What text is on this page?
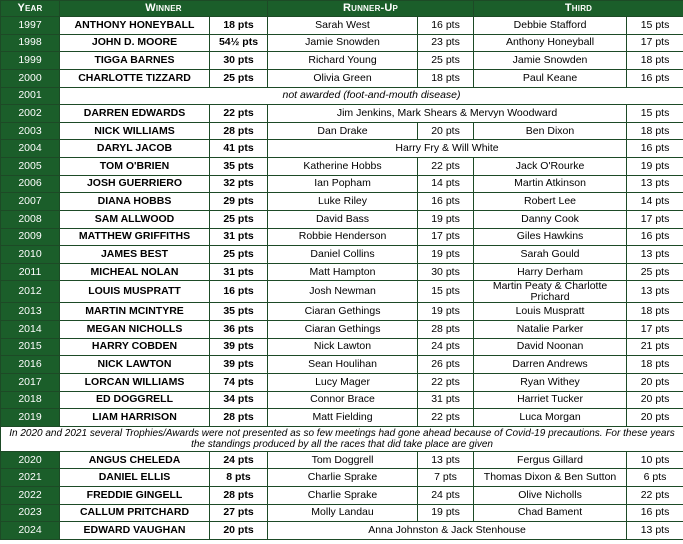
Year	Winner		Runner-Up		Third	
1997	ANTHONY HONEYBALL	18 pts	Sarah West	16 pts	Debbie Stafford	15 pts
1998	JOHN D. MOORE	54½ pts	Jamie Snowden	23 pts	Anthony Honeyball	17 pts
1999	TIGGA BARNES	30 pts	Richard Young	25 pts	Jamie Snowden	18 pts
2000	CHARLOTTE TIZZARD	25 pts	Olivia Green	18 pts	Paul Keane	16 pts
2001	not awarded (foot-and-mouth disease)					
2002	DARREN EDWARDS	22 pts	Jim Jenkins, Mark Shears & Mervyn Woodward			15 pts
2003	NICK WILLIAMS	28 pts	Dan Drake	20 pts	Ben Dixon	18 pts
2004	DARYL JACOB	41 pts	Harry Fry & Will White			16 pts
2005	TOM O'BRIEN	35 pts	Katherine Hobbs	22 pts	Jack O'Rourke	19 pts
2006	JOSH GUERRIERO	32 pts	Ian Popham	14 pts	Martin Atkinson	13 pts
2007	DIANA HOBBS	29 pts	Luke Riley	16 pts	Robert Lee	14 pts
2008	SAM ALLWOOD	25 pts	David Bass	19 pts	Danny Cook	17 pts
2009	MATTHEW GRIFFITHS	31 pts	Robbie Henderson	17 pts	Giles Hawkins	16 pts
2010	JAMES BEST	25 pts	Daniel Collins	19 pts	Sarah Gould	13 pts
2011	MICHEAL NOLAN	31 pts	Matt Hampton	30 pts	Harry Derham	25 pts
2012	LOUIS MUSPRATT	16 pts	Josh Newman	15 pts	Martin Peaty & Charlotte Prichard	13 pts
2013	MARTIN MCINTYRE	35 pts	Ciaran Gethings	19 pts	Louis Muspratt	18 pts
2014	MEGAN NICHOLLS	36 pts	Ciaran Gethings	28 pts	Natalie Parker	17 pts
2015	HARRY COBDEN	39 pts	Nick Lawton	24 pts	David Noonan	21 pts
2016	NICK LAWTON	39 pts	Sean Houlihan	26 pts	Darren Andrews	18 pts
2017	LORCAN WILLIAMS	74 pts	Lucy Mager	22 pts	Ryan Withey	20 pts
2018	ED DOGGRELL	34 pts	Connor Brace	31 pts	Harriet Tucker	20 pts
2019	LIAM HARRISON	28 pts	Matt Fielding	22 pts	Luca Morgan	20 pts
In 2020 and 2021 several Trophies/Awards were not presented as so few meetings had gone ahead because of Covid-19 precautions. For these years the standings produced by all the races that did take place are given						
2020	ANGUS CHELEDA	24 pts	Tom Doggrell	13 pts	Fergus Gillard	10 pts
2021	DANIEL ELLIS	8 pts	Charlie Sprake	7 pts	Thomas Dixon & Ben Sutton	6 pts
2022	FREDDIE GINGELL	28 pts	Charlie Sprake	24 pts	Olive Nicholls	22 pts
2023	CALLUM PRITCHARD	27 pts	Molly Landau	19 pts	Chad Bament	16 pts
2024	EDWARD VAUGHAN	20 pts	Anna Johnston & Jack Stenhouse			13 pts
